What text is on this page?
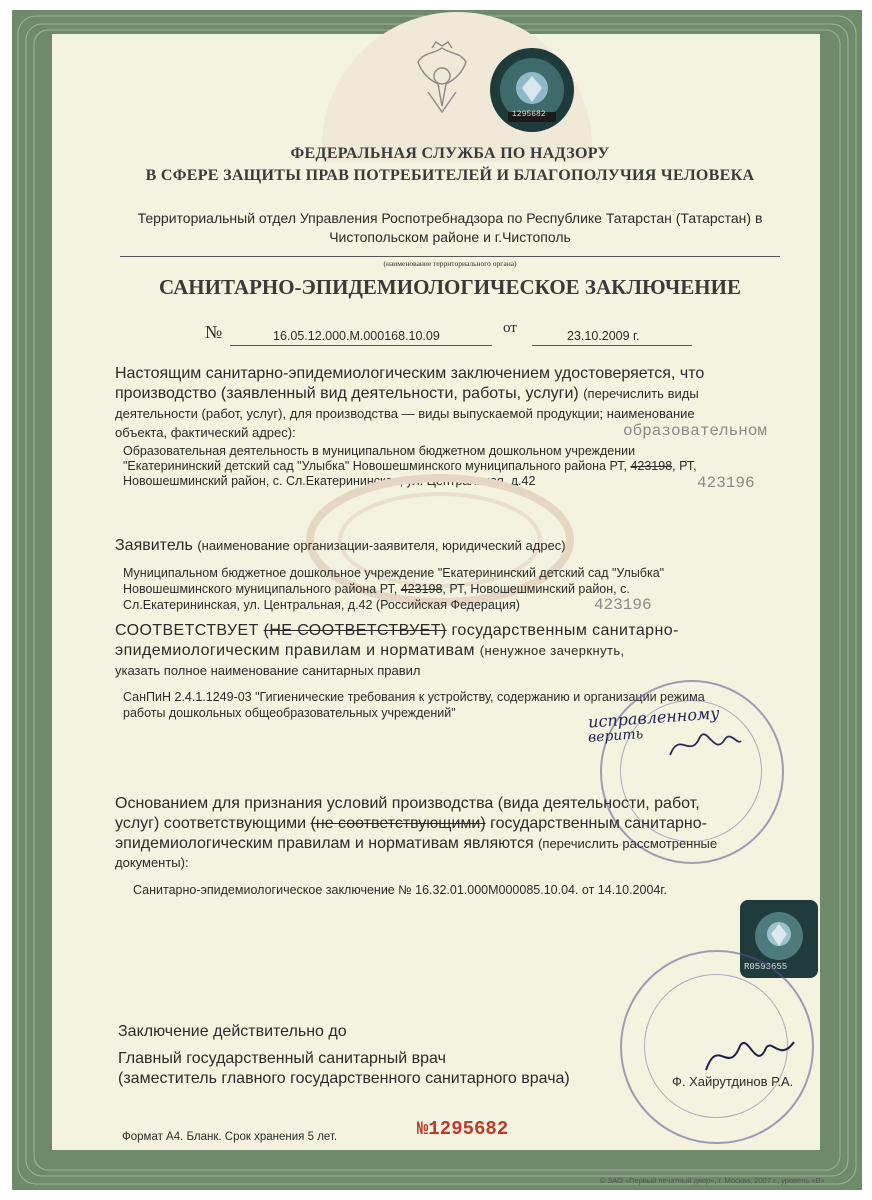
1295682
ФЕДЕРАЛЬНАЯ СЛУЖБА ПО НАДЗОРУ
В СФЕРЕ ЗАЩИТЫ ПРАВ ПОТРЕБИТЕЛЕЙ И БЛАГОПОЛУЧИЯ ЧЕЛОВЕКА
Территориальный отдел Управления Роспотребнадзора по Республике Татарстан (Татарстан) в
Чистопольском районе и г.Чистополь
(наименование территориального органа)
САНИТАРНО-ЭПИДЕМИОЛОГИЧЕСКОЕ ЗАКЛЮЧЕНИЕ
№	16.05.12.000.М.000168.10.09	от	23.10.2009 г.
Настоящим санитарно-эпидемиологическим заключением удостоверяется, что
производство (заявленный вид деятельности, работы, услуги) (перечислить виды
деятельности (работ, услуг), для производства — виды выпускаемой продукции; наименование
объекта, фактический адрес):	образовательном
Образовательная деятельность в муниципальном бюджетном дошкольном учреждении
"Екатерининский детский сад "Улыбка" Новошешминского муниципального района РТ, 423198, РТ,
Новошешминский район, с. Сл.Екатерининская, ул. Центральная, д.42	423196
Заявитель (наименование организации-заявителя, юридический адрес)
Муниципальном бюджетное дошкольное учреждение "Екатерининский детский сад "Улыбка"
Новошешминского муниципального района РТ, 423198, РТ, Новошешминский район, с.
Сл.Екатерининская, ул. Центральная, д.42 (Российская Федерация)	423196
СООТВЕТСТВУЕТ (НЕ СООТВЕТСТВУЕТ) государственным санитарно-
эпидемиологическим правилам и нормативам (ненужное зачеркнуть,
указать полное наименование санитарных правил
СанПиН 2.4.1.1249-03 "Гигиенические требования к устройству, содержанию и организации режима
работы дошкольных общеобразовательных учреждений"	исправленному
верить
Основанием для признания условий производства (вида деятельности, работ,
услуг) соответствующими (не соответствующими) государственным санитарно-
эпидемиологическим правилам и нормативам являются (перечислить рассмотренные
документы):
Санитарно-эпидемиологическое заключение № 16.32.01.000М000085.10.04. от 14.10.2004г.
R0593655
Заключение действительно до
Главный государственный санитарный врач
(заместитель главного государственного санитарного врача)	Ф. Хайрутдинов Р.А.
Формат А4. Бланк. Срок хранения 5 лет.	№1295682
© ЗАО «Первый печатный двор», г. Москва, 2007 г., уровень «В»
